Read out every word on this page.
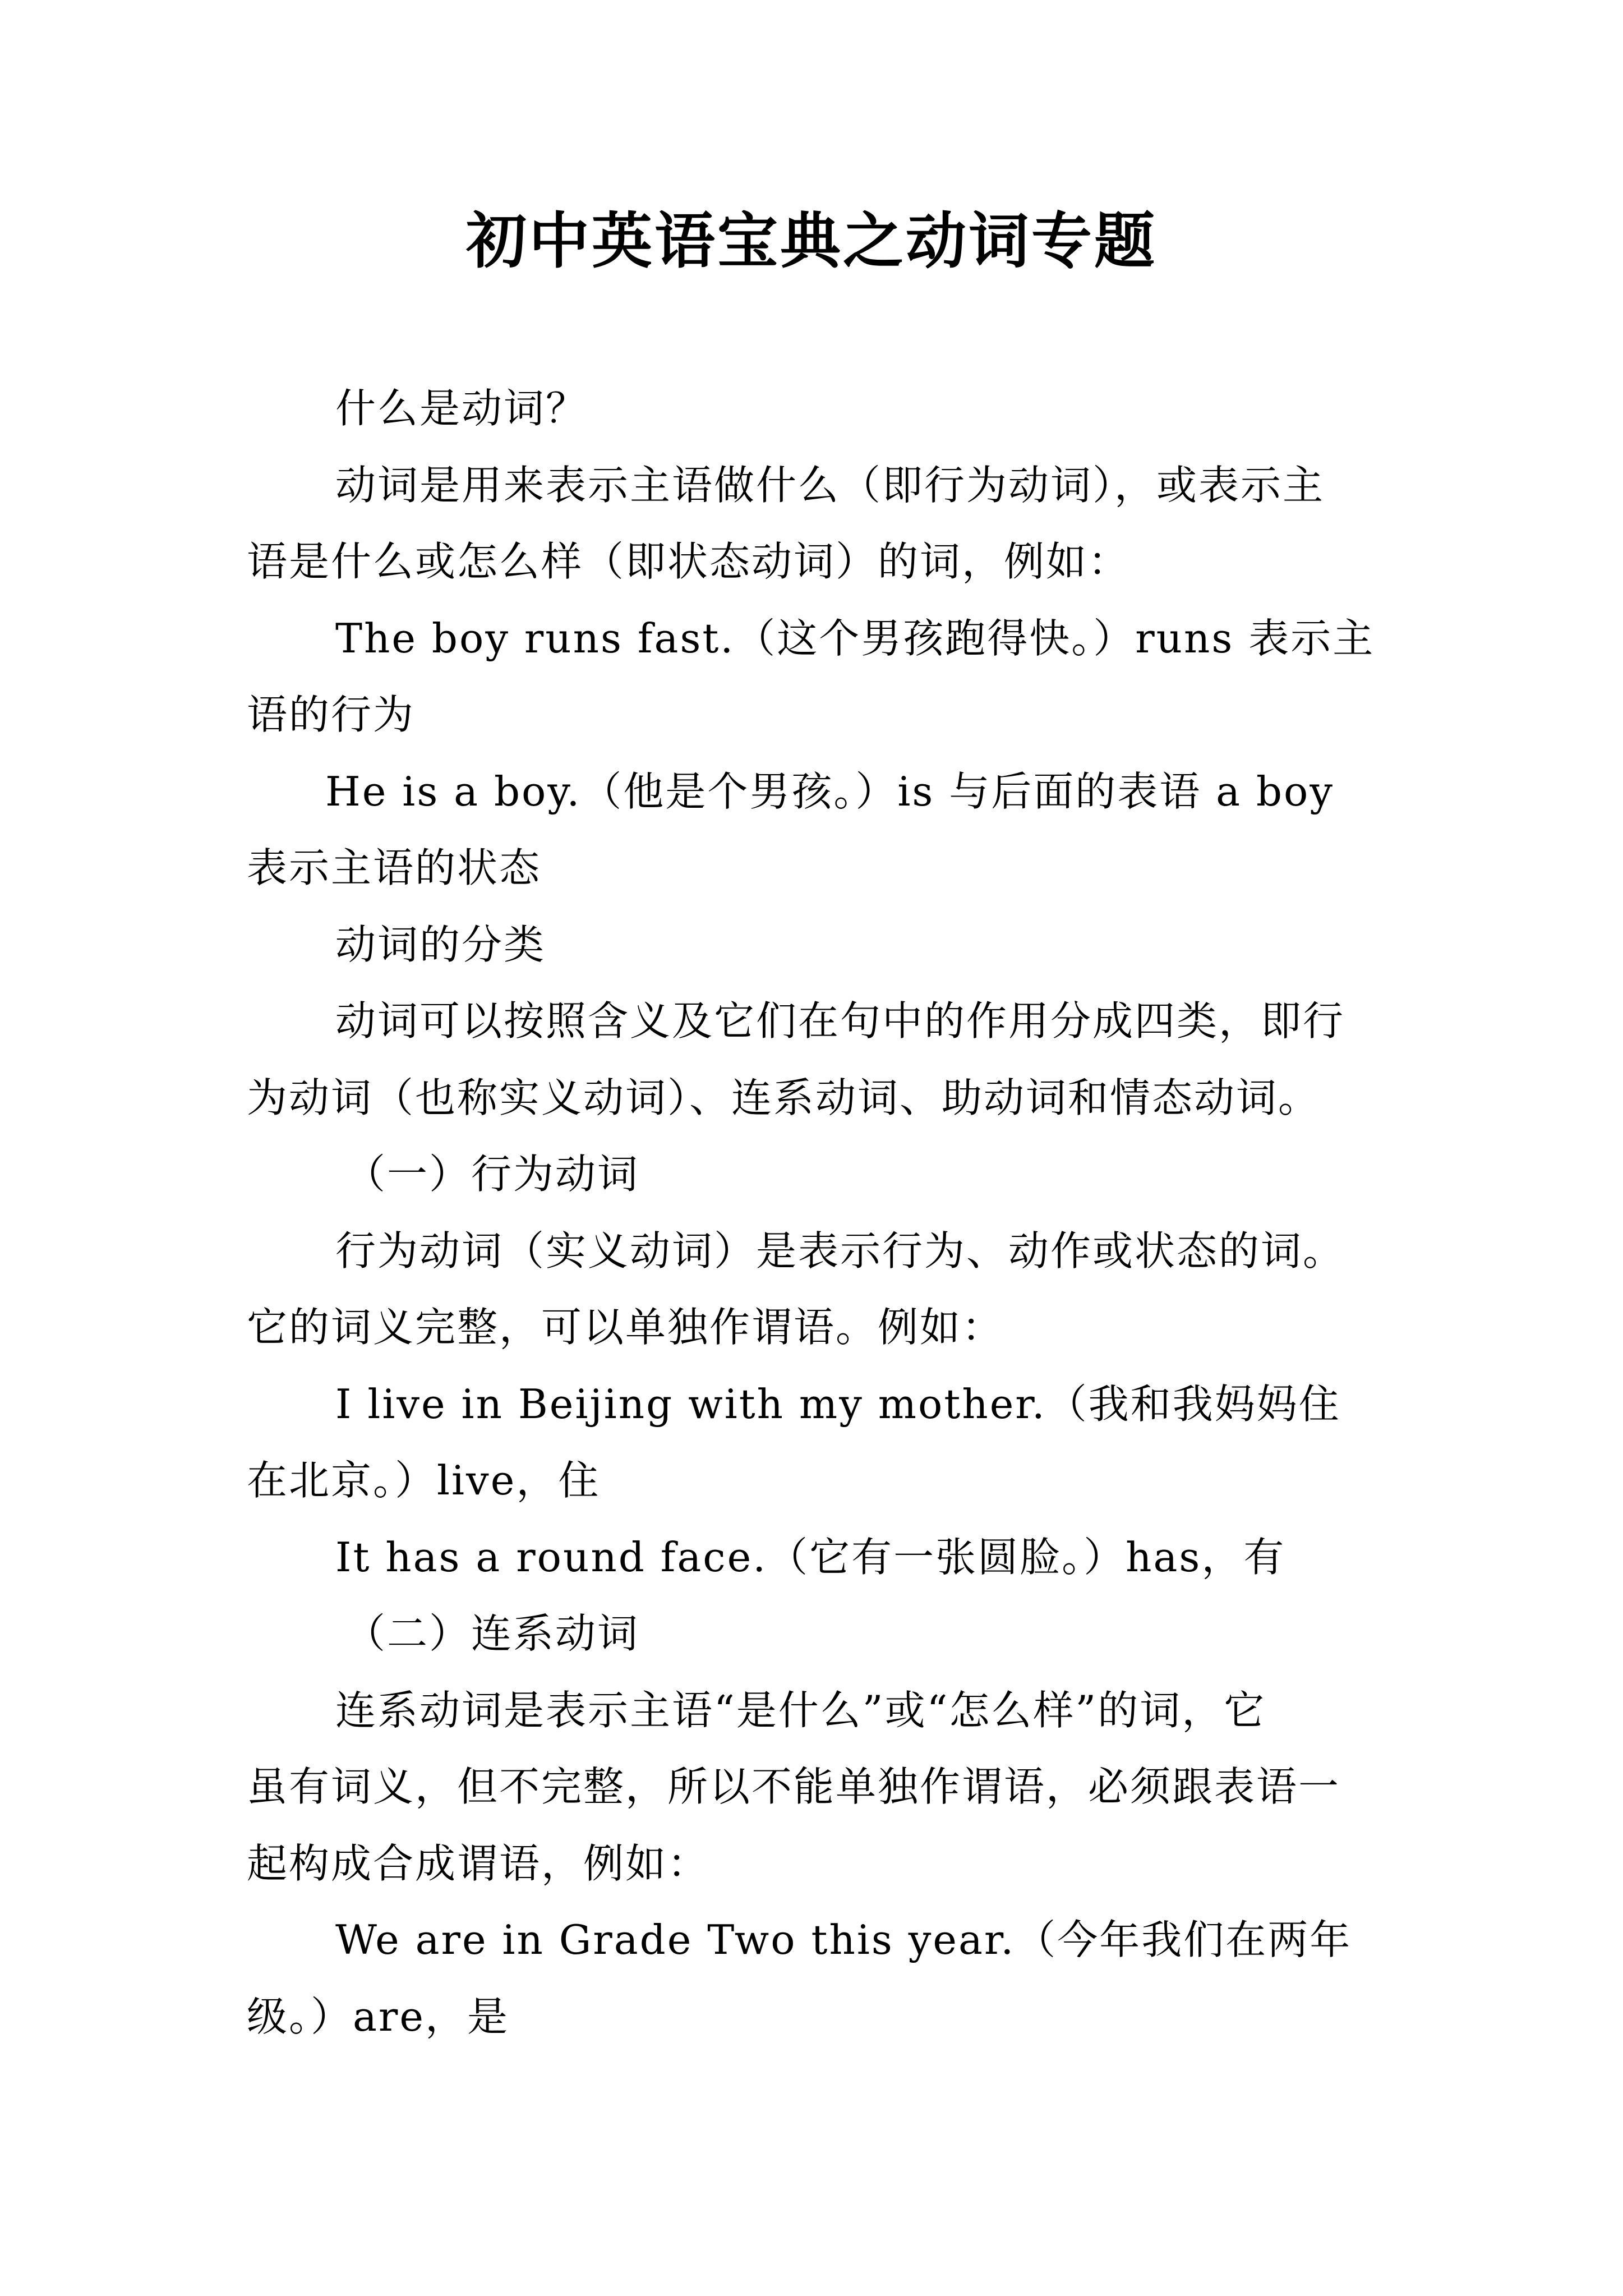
初中英语宝典之动词专题
什么是动词？
动词是用来表示主语做什么（即行为动词），或表示主
语是什么或怎么样（即状态动词）的词，例如：
The boy runs fast.（这个男孩跑得快。）runs 表示主
语的行为
He is a boy.（他是个男孩。）is 与后面的表语 a boy
表示主语的状态
动词的分类
动词可以按照含义及它们在句中的作用分成四类，即行
为动词（也称实义动词）、连系动词、助动词和情态动词。
（一）行为动词
行为动词（实义动词）是表示行为、动作或状态的词。
它的词义完整，可以单独作谓语。例如：
I live in Beijing with my mother.（我和我妈妈住
在北京。）live，住
It has a round face.（它有一张圆脸。）has，有
（二）连系动词
连系动词是表示主语“是什么”或“怎么样”的词，它
虽有词义，但不完整，所以不能单独作谓语，必须跟表语一
起构成合成谓语，例如：
We are in Grade Two this year.（今年我们在两年
级。）are，是
